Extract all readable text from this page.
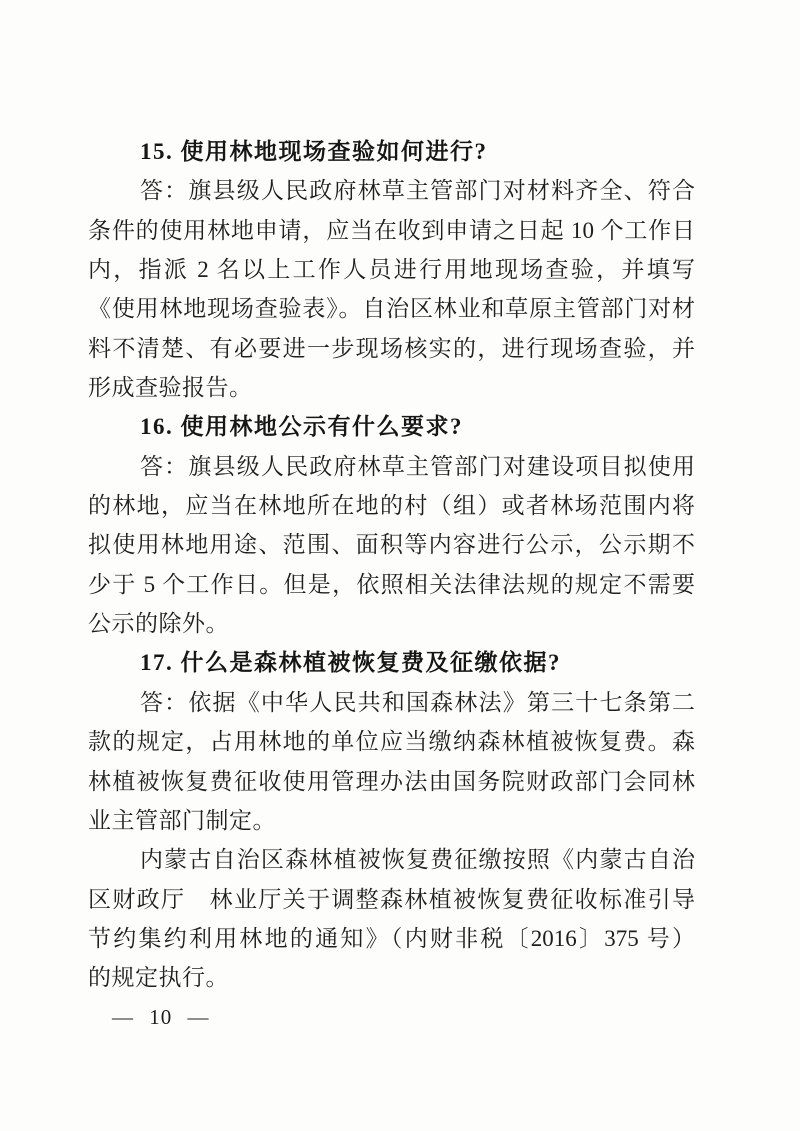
15. 使用林地现场查验如何进行?
答：旗县级人民政府林草主管部门对材料齐全、符合
条件的使用林地申请，应当在收到申请之日起 10 个工作日
内，指派 2 名以上工作人员进行用地现场查验，并填写
《使用林地现场查验表》。自治区林业和草原主管部门对材
料不清楚、有必要进一步现场核实的，进行现场查验，并
形成查验报告。
16. 使用林地公示有什么要求?
答：旗县级人民政府林草主管部门对建设项目拟使用
的林地，应当在林地所在地的村（组）或者林场范围内将
拟使用林地用途、范围、面积等内容进行公示，公示期不
少于 5 个工作日。但是，依照相关法律法规的规定不需要
公示的除外。
17. 什么是森林植被恢复费及征缴依据?
答：依据《中华人民共和国森林法》第三十七条第二
款的规定，占用林地的单位应当缴纳森林植被恢复费。森
林植被恢复费征收使用管理办法由国务院财政部门会同林
业主管部门制定。
内蒙古自治区森林植被恢复费征缴按照《内蒙古自治
区财政厅　林业厅关于调整森林植被恢复费征收标准引导
节约集约利用林地的通知》（内财非税〔2016〕375 号）
的规定执行。
— 10 —
